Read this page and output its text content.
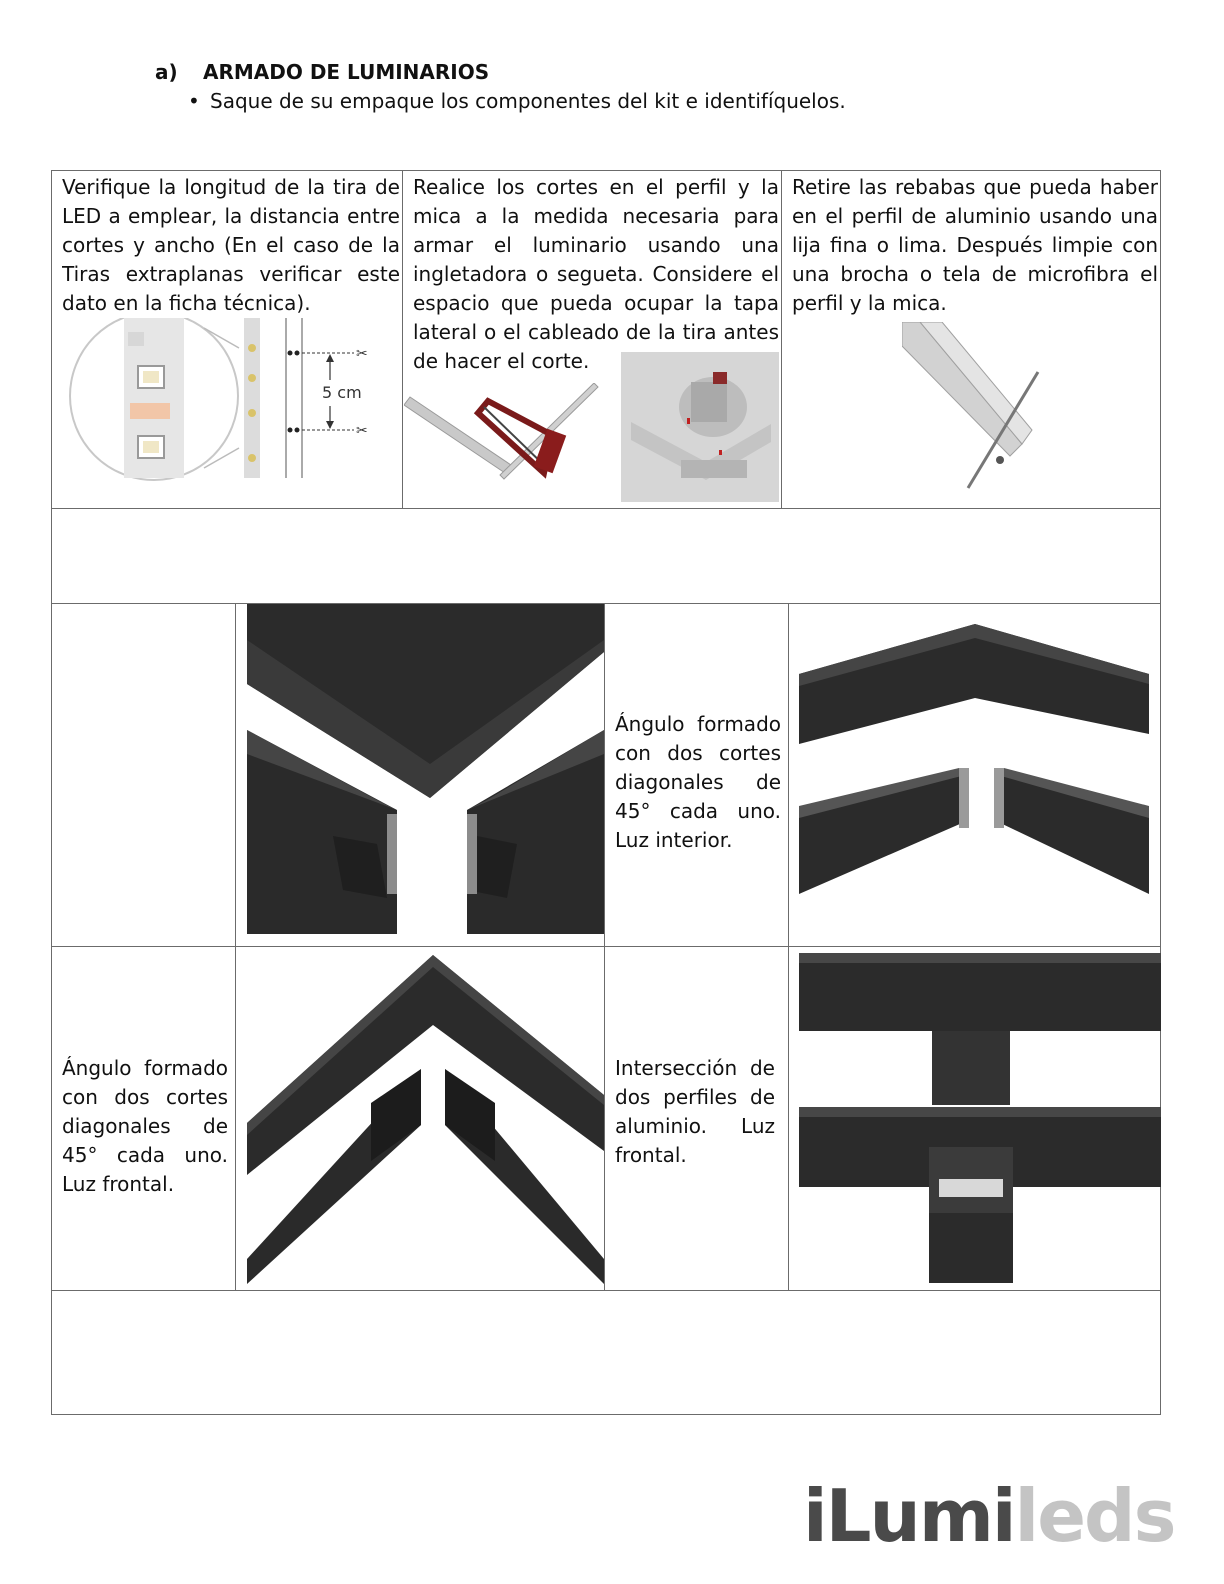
a) ARMADO DE LUMINARIOS
• Saque de su empaque los componentes del kit e identifíquelos.
Verifique la longitud de la tira de LED a emplear, la distancia entre cortes y ancho (En el caso de la Tiras extraplanas verificar este dato en la ficha técnica).
Realice los cortes en el perfil y la mica a la medida necesaria para armar el luminario usando una ingletadora o segueta. Considere el espacio que pueda ocupar la tapa lateral o el cableado de la tira antes de hacer el corte.
Retire las rebabas que pueda haber en el perfil de aluminio usando una lija fina o lima. Después limpie con una brocha o tela de microfibra el perfil y la mica.
✂
✂
5 cm
Ángulo formado con dos cortes diagonales de 45° cada uno. Luz interior.
Ángulo formado con dos cortes diagonales de 45° cada uno. Luz frontal.
Intersección de dos perfiles de aluminio. Luz frontal.
iLumileds
